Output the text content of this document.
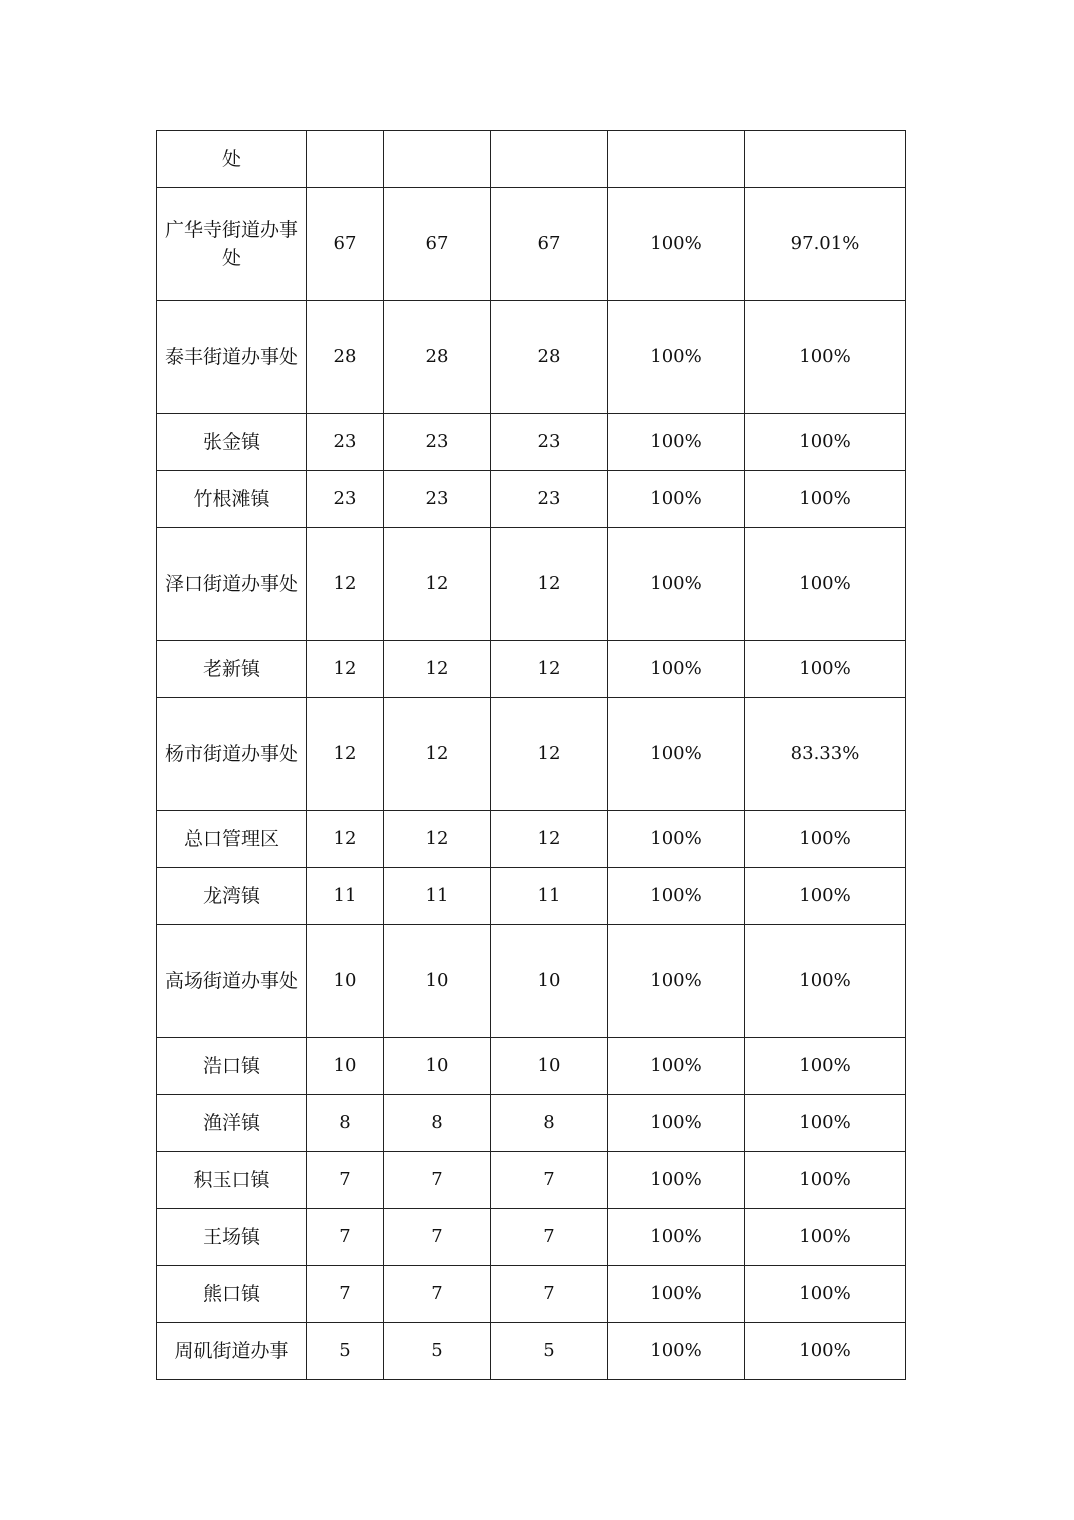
处					
广华寺街道办事处	67	67	67	100%	97.01%
泰丰街道办事处	28	28	28	100%	100%
张金镇	23	23	23	100%	100%
竹根滩镇	23	23	23	100%	100%
泽口街道办事处	12	12	12	100%	100%
老新镇	12	12	12	100%	100%
杨市街道办事处	12	12	12	100%	83.33%
总口管理区	12	12	12	100%	100%
龙湾镇	11	11	11	100%	100%
高场街道办事处	10	10	10	100%	100%
浩口镇	10	10	10	100%	100%
渔洋镇	8	8	8	100%	100%
积玉口镇	7	7	7	100%	100%
王场镇	7	7	7	100%	100%
熊口镇	7	7	7	100%	100%
周矶街道办事	5	5	5	100%	100%
